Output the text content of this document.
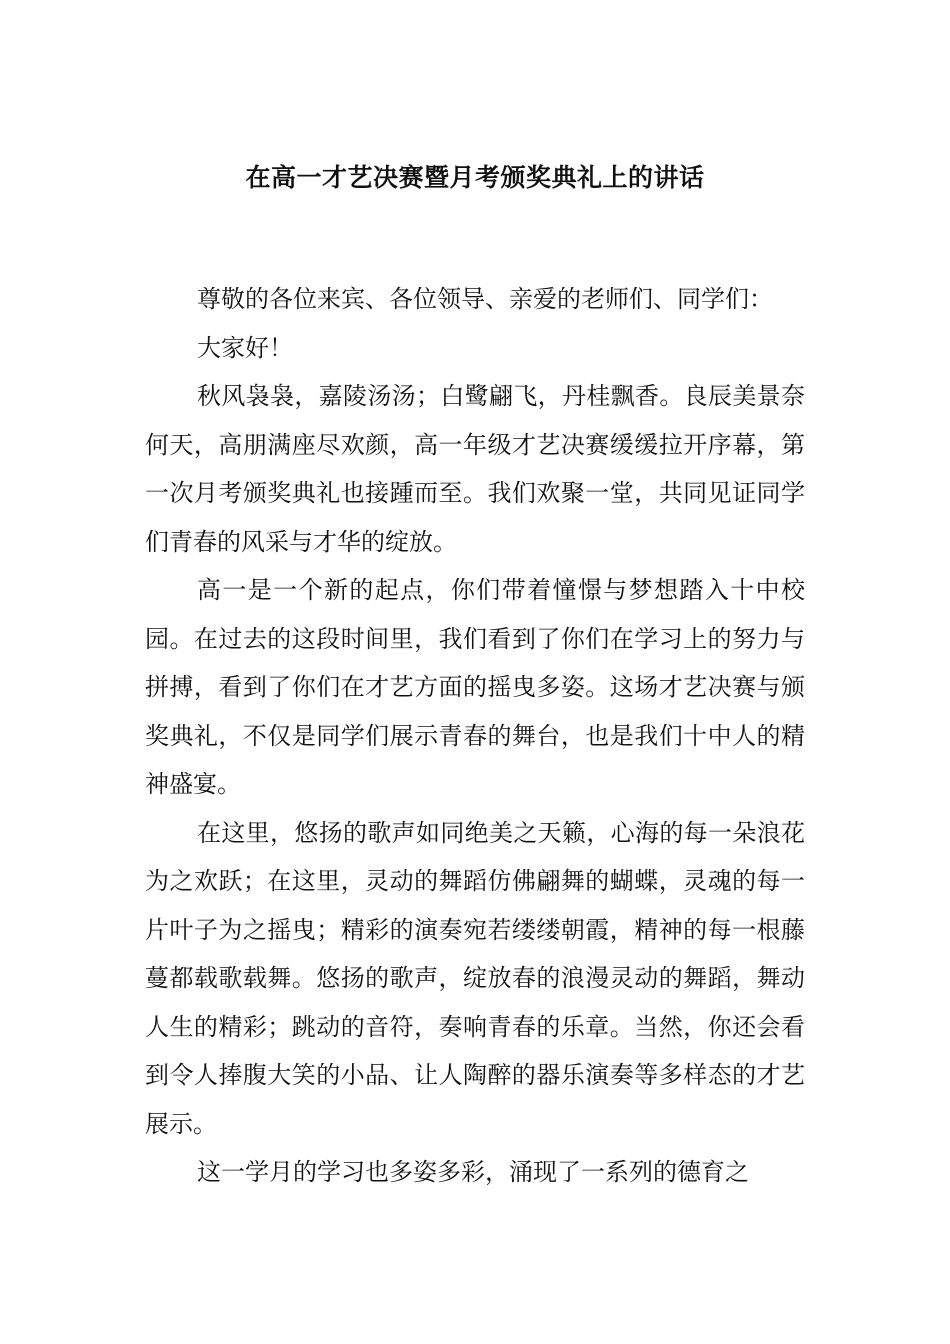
在高一才艺决赛暨月考颁奖典礼上的讲话

尊敬的各位来宾、各位领导、亲爱的老师们、同学们：

大家好！

秋风袅袅，嘉陵汤汤；白鹭翩飞，丹桂飘香。良辰美景奈何天，高朋满座尽欢颜，高一年级才艺决赛缓缓拉开序幕，第一次月考颁奖典礼也接踵而至。我们欢聚一堂，共同见证同学们青春的风采与才华的绽放。

高一是一个新的起点，你们带着憧憬与梦想踏入十中校园。在过去的这段时间里，我们看到了你们在学习上的努力与拼搏，看到了你们在才艺方面的摇曳多姿。这场才艺决赛与颁奖典礼，不仅是同学们展示青春的舞台，也是我们十中人的精神盛宴。

在这里，悠扬的歌声如同绝美之天籁，心海的每一朵浪花为之欢跃；在这里，灵动的舞蹈仿佛翩舞的蝴蝶，灵魂的每一片叶子为之摇曳；精彩的演奏宛若缕缕朝霞，精神的每一根藤蔓都载歌载舞。悠扬的歌声，绽放春的浪漫灵动的舞蹈，舞动人生的精彩；跳动的音符，奏响青春的乐章。当然，你还会看到令人捧腹大笑的小品、让人陶醉的器乐演奏等多样态的才艺展示。

这一学月的学习也多姿多彩，涌现了一系列的德育之
